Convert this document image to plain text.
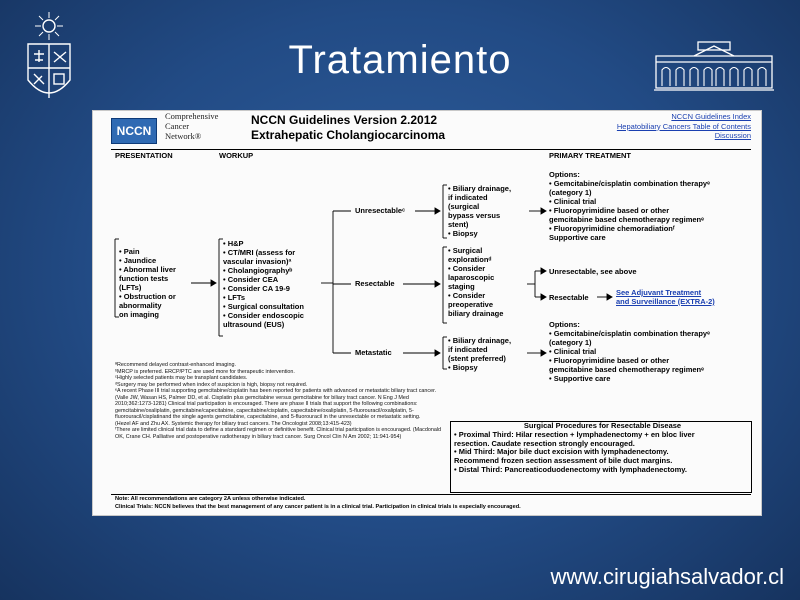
Tratamiento
www.cirugiahsalvador.cl
NCCN
Comprehensive
Cancer
Network®
NCCN Guidelines Version 2.2012
Extrahepatic Cholangiocarcinoma
NCCN Guidelines Index
Hepatobiliary Cancers Table of Contents
Discussion
PRESENTATION	WORKUP	PRIMARY TREATMENT
• Pain
• Jaundice
• Abnormal liver
function tests
(LFTs)
• Obstruction or
abnormality
on imaging
• H&P
• CT/MRI (assess for
vascular invasion)ª
• Cholangiographyᵇ
• Consider CEA
• Consider CA 19-9
• LFTs
• Surgical consultation
• Consider endoscopic
ultrasound (EUS)
Unresectableᶜ
Resectable
Metastatic
• Biliary drainage,
if indicated
(surgical
bypass versus
stent)
• Biopsy
• Surgical
explorationᵈ
• Consider
laparoscopic
staging
• Consider
preoperative
biliary drainage
• Biliary drainage,
if indicated
(stent preferred)
• Biopsy
Options:
• Gemcitabine/cisplatin combination therapyᵉ
(category 1)
• Clinical trial
• Fluoropyrimidine based or other
gemcitabine based chemotherapy regimenᵉ
• Fluoropyrimidine chemoradiationᶠ
Supportive care
Unresectable, see above
Resectable
See Adjuvant Treatment
and Surveillance (EXTRA-2)
Options:
• Gemcitabine/cisplatin combination therapyᵉ
(category 1)
• Clinical trial
• Fluoropyrimidine based or other
gemcitabine based chemotherapy regimenᵉ
• Supportive care
ªRecommend delayed contrast-enhanced imaging.
ᵇMRCP is preferred. ERCP/PTC are used more for therapeutic intervention.
ᶜHighly selected patients may be transplant candidates.
ᵈSurgery may be performed when index of suspicion is high, biopsy not required.
ᵉA recent Phase III trial supporting gemcitabine/cisplatin has been reported for patients with advanced or metastatic biliary tract cancer. (Valle JW, Wasan HS, Palmer DD, et al. Cisplatin plus gemcitabine versus gemcitabine for biliary tract cancer. N Eng J Med 2010;362:1273-1281) Clinical trial participation is encouraged. There are phase II trials that support the following combinations: gemcitabine/oxaliplatin, gemcitabine/capecitabine, capecitabine/cisplatin, capecitabine/oxaliplatin, 5-fluorouracil/oxaliplatin, 5-fluorouracil/cisplatinand the single agents gemcitabine, capecitabine, and 5-fluorouracil in the unresectable or metastatic setting.
(Hezel AF and Zhu AX. Systemic therapy for biliary tract cancers. The Oncologist 2008;13:415-423)
ᶠThere are limited clinical trial data to define a standard regimen or definitive benefit. Clinical trial participation is encouraged. (Macdonald OK, Crane CH. Palliative and postoperative radiotherapy in biliary tract cancer. Surg Oncol Clin N Am 2002; 11:941-954)
Surgical Procedures for Resectable Disease
• Proximal Third: Hilar resection + lymphadenectomy + en bloc liver
resection. Caudate resection strongly encouraged.
• Mid Third: Major bile duct excision with lymphadenectomy.
Recommend frozen section assessment of bile duct margins.
• Distal Third: Pancreaticoduodenectomy with lymphadenectomy.
Note: All recommendations are category 2A unless otherwise indicated.
Clinical Trials: NCCN believes that the best management of any cancer patient is in a clinical trial. Participation in clinical trials is especially encouraged.
